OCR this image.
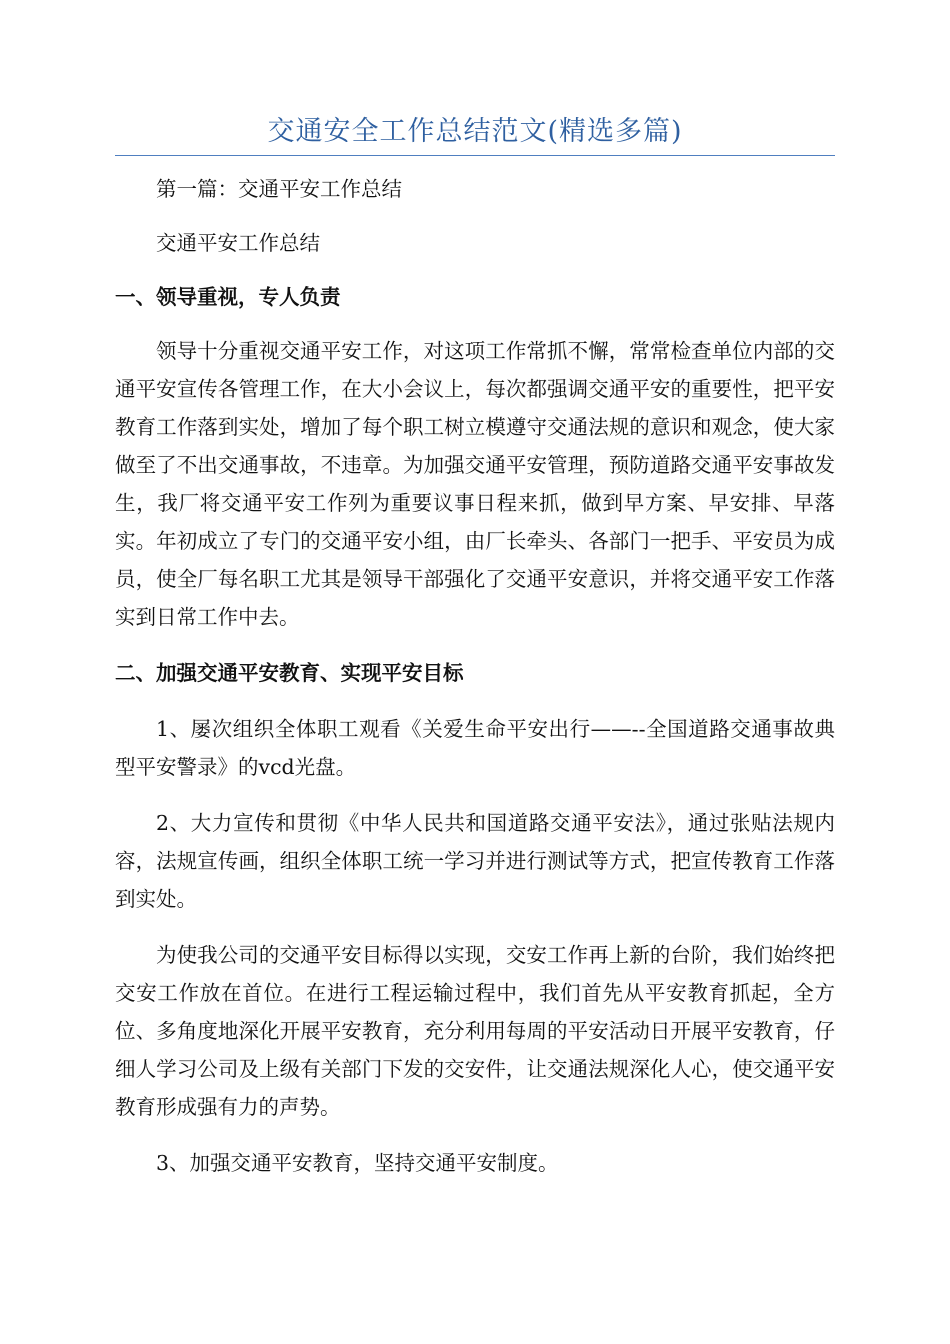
交通安全工作总结范文(精选多篇)

第一篇：交通平安工作总结

交通平安工作总结

一、领导重视，专人负责

领导十分重视交通平安工作，对这项工作常抓不懈，常常检查单位内部的交通平安宣传各管理工作，在大小会议上，每次都强调交通平安的重要性，把平安教育工作落到实处，增加了每个职工树立模遵守交通法规的意识和观念，使大家做至了不出交通事故，不违章。为加强交通平安管理，预防道路交通平安事故发生，我厂将交通平安工作列为重要议事日程来抓，做到早方案、早安排、早落实。年初成立了专门的交通平安小组，由厂长牵头、各部门一把手、平安员为成员，使全厂每名职工尤其是领导干部强化了交通平安意识，并将交通平安工作落实到日常工作中去。

二、加强交通平安教育、实现平安目标

1、屡次组织全体职工观看《关爱生命平安出行——--全国道路交通事故典型平安警录》的vcd光盘。

2、大力宣传和贯彻《中华人民共和国道路交通平安法》，通过张贴法规内容，法规宣传画，组织全体职工统一学习并进行测试等方式，把宣传教育工作落到实处。

为使我公司的交通平安目标得以实现，交安工作再上新的台阶，我们始终把交安工作放在首位。在进行工程运输过程中，我们首先从平安教育抓起，全方位、多角度地深化开展平安教育，充分利用每周的平安活动日开展平安教育，仔细人学习公司及上级有关部门下发的交安件，让交通法规深化人心，使交通平安教育形成强有力的声势。

3、加强交通平安教育，坚持交通平安制度。
